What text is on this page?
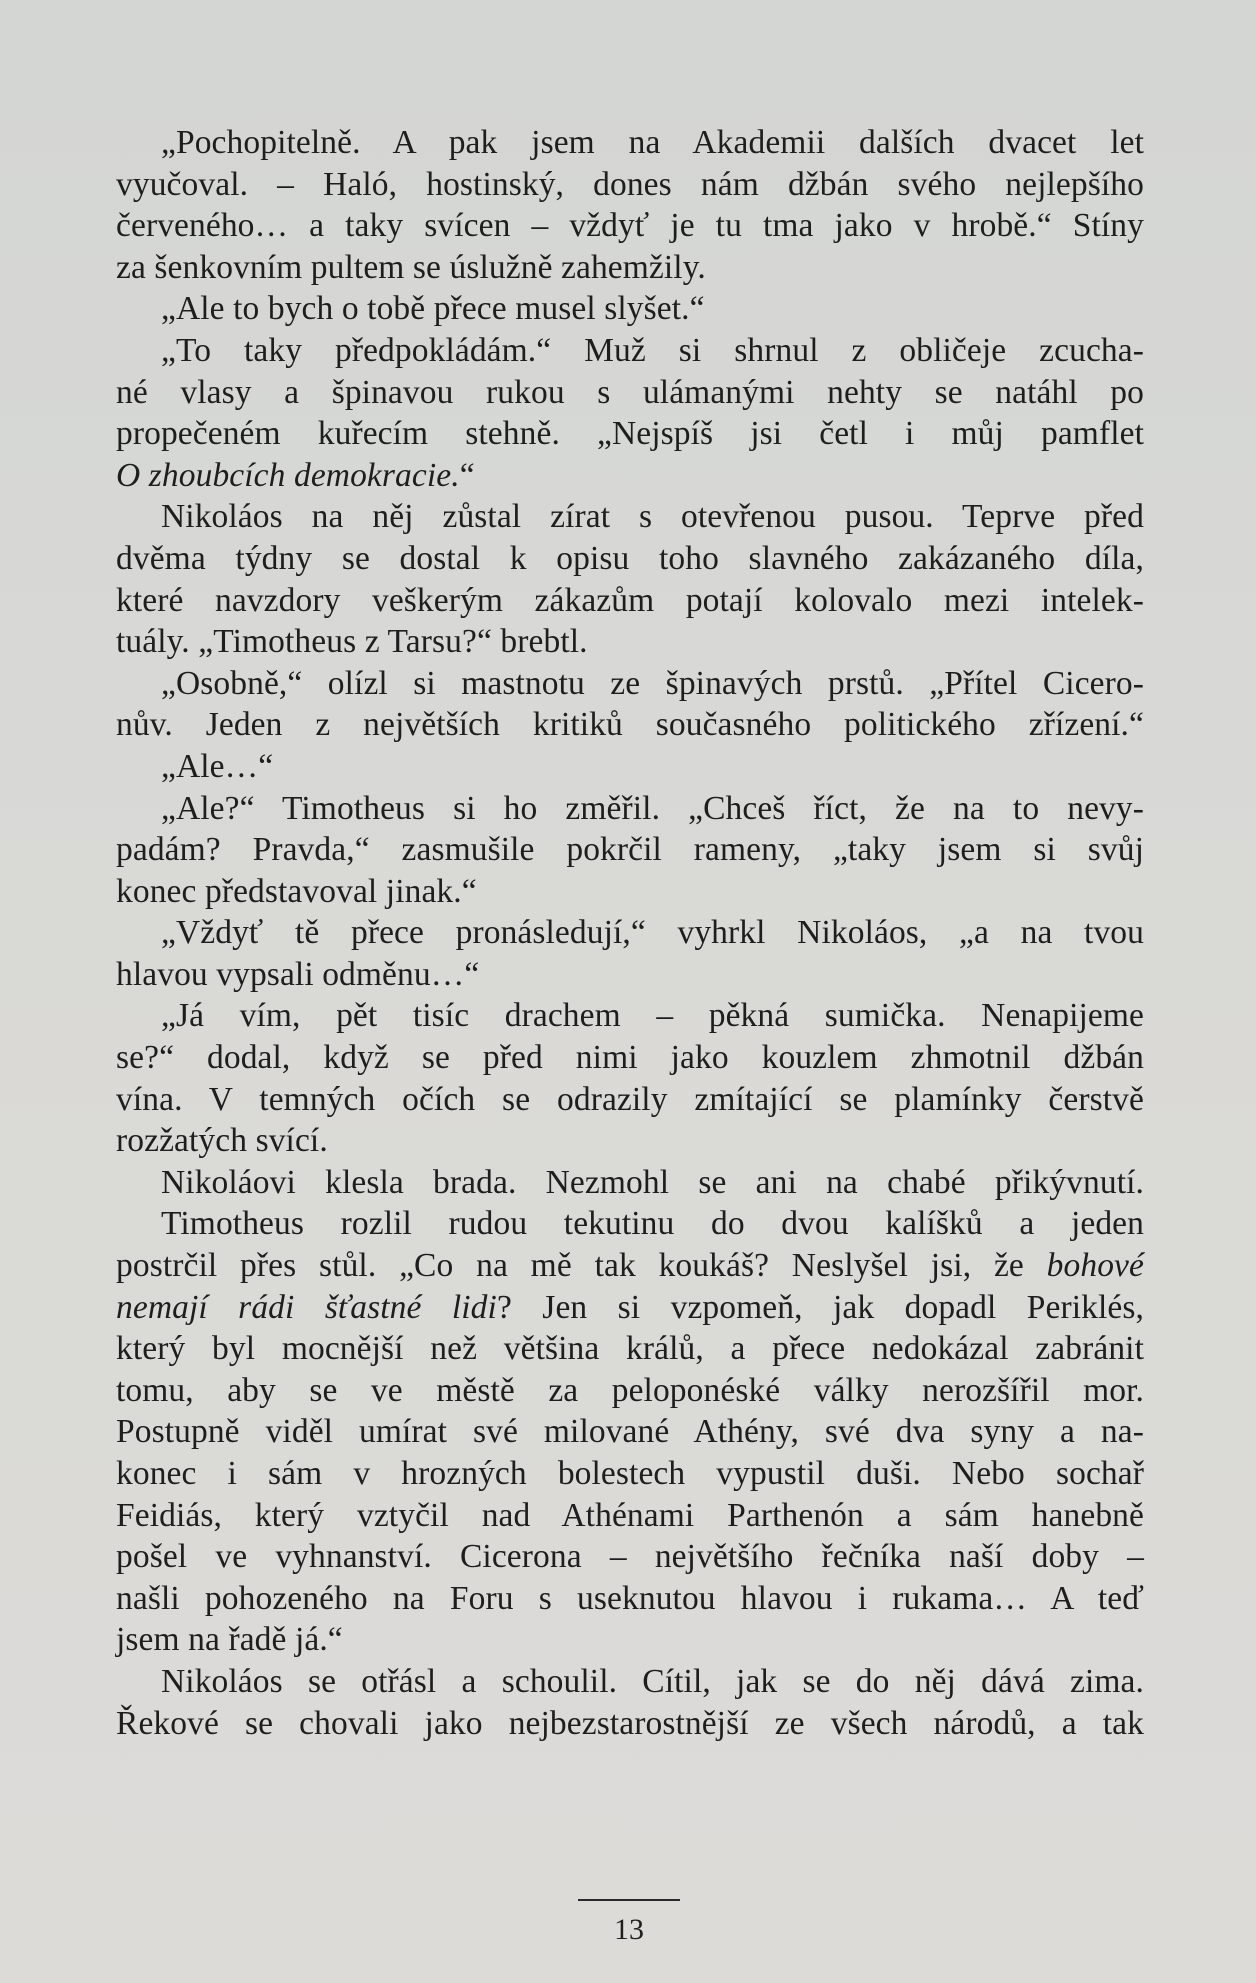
„Pochopitelně. A pak jsem na Akademii dalších dvacet let
vyučoval. – Haló, hostinský, dones nám džbán svého nejlepšího
červeného… a taky svícen – vždyť je tu tma jako v hrobě.“ Stíny
za šenkovním pultem se úslužně zahemžily.
„Ale to bych o tobě přece musel slyšet.“
„To taky předpokládám.“ Muž si shrnul z obličeje zcucha-
né vlasy a špinavou rukou s ulámanými nehty se natáhl po
propečeném kuřecím stehně. „Nejspíš jsi četl i můj pamflet
O zhoubcích demokracie.“
Nikoláos na něj zůstal zírat s otevřenou pusou. Teprve před
dvěma týdny se dostal k opisu toho slavného zakázaného díla,
které navzdory veškerým zákazům potají kolovalo mezi intelek-
tuály. „Timotheus z Tarsu?“ brebtl.
„Osobně,“ olízl si mastnotu ze špinavých prstů. „Přítel Cicero-
nův. Jeden z největších kritiků současného politického zřízení.“
„Ale…“
„Ale?“ Timotheus si ho změřil. „Chceš říct, že na to nevy-
padám? Pravda,“ zasmušile pokrčil rameny, „taky jsem si svůj
konec představoval jinak.“
„Vždyť tě přece pronásledují,“ vyhrkl Nikoláos, „a na tvou
hlavou vypsali odměnu…“
„Já vím, pět tisíc drachem – pěkná sumička. Nenapijeme
se?“ dodal, když se před nimi jako kouzlem zhmotnil džbán
vína. V temných očích se odrazily zmítající se plamínky čerstvě
rozžatých svící.
Nikoláovi klesla brada. Nezmohl se ani na chabé přikývnutí.
Timotheus rozlil rudou tekutinu do dvou kalíšků a jeden
postrčil přes stůl. „Co na mě tak koukáš? Neslyšel jsi, že bohové
nemají rádi šťastné lidi? Jen si vzpomeň, jak dopadl Periklés,
který byl mocnější než většina králů, a přece nedokázal zabránit
tomu, aby se ve městě za peloponéské války nerozšířil mor.
Postupně viděl umírat své milované Athény, své dva syny a na-
konec i sám v hrozných bolestech vypustil duši. Nebo sochař
Feidiás, který vztyčil nad Athénami Parthenón a sám hanebně
pošel ve vyhnanství. Cicerona – největšího řečníka naší doby –
našli pohozeného na Foru s useknutou hlavou i rukama… A teď
jsem na řadě já.“
Nikoláos se otřásl a schoulil. Cítil, jak se do něj dává zima.
Řekové se chovali jako nejbezstarostnější ze všech národů, a tak
13
